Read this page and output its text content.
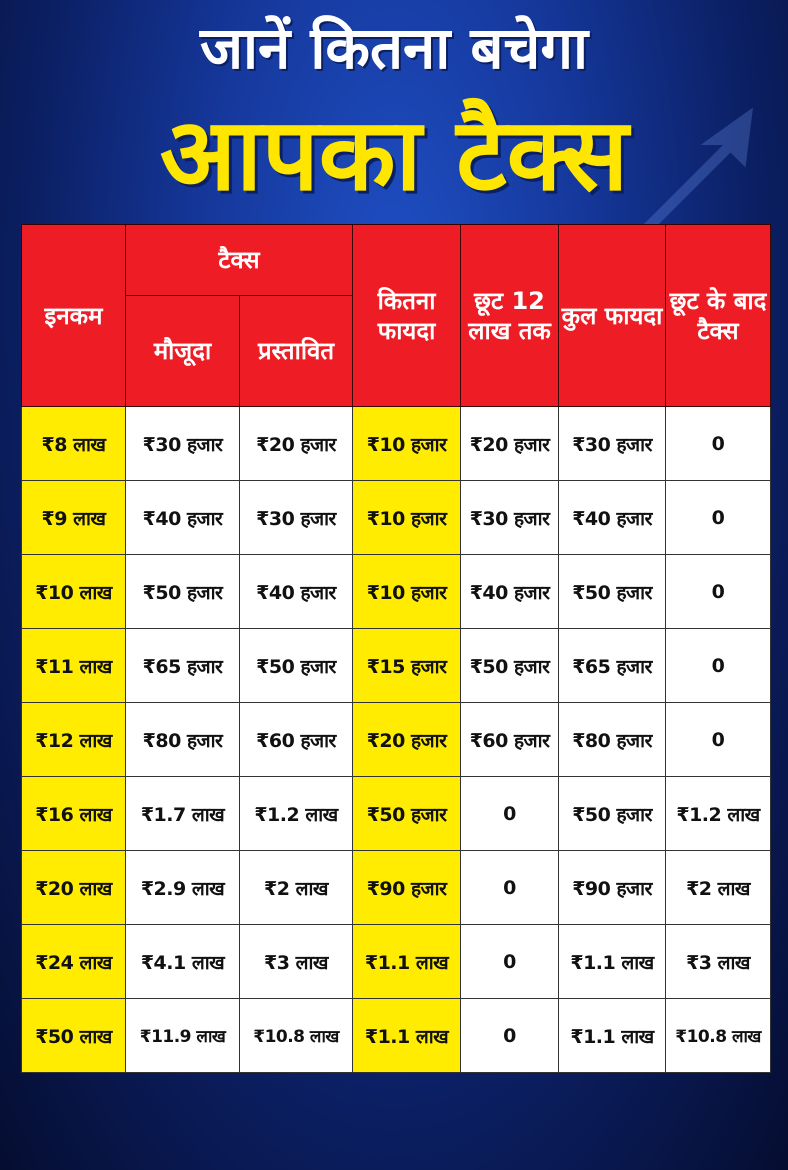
जानें कितना बचेगा
आपका टैक्स
इनकम	टैक्स		कितना फायदा	छूट 12 लाख तक	कुल फायदा	छूट के बाद टैक्स
	मौजूदा	प्रस्तावित				
₹8 लाख	₹30 हजार	₹20 हजार	₹10 हजार	₹20 हजार	₹30 हजार	0
₹9 लाख	₹40 हजार	₹30 हजार	₹10 हजार	₹30 हजार	₹40 हजार	0
₹10 लाख	₹50 हजार	₹40 हजार	₹10 हजार	₹40 हजार	₹50 हजार	0
₹11 लाख	₹65 हजार	₹50 हजार	₹15 हजार	₹50 हजार	₹65 हजार	0
₹12 लाख	₹80 हजार	₹60 हजार	₹20 हजार	₹60 हजार	₹80 हजार	0
₹16 लाख	₹1.7 लाख	₹1.2 लाख	₹50 हजार	0	₹50 हजार	₹1.2 लाख
₹20 लाख	₹2.9 लाख	₹2 लाख	₹90 हजार	0	₹90 हजार	₹2 लाख
₹24 लाख	₹4.1 लाख	₹3 लाख	₹1.1 लाख	0	₹1.1 लाख	₹3 लाख
₹50 लाख	₹11.9 लाख	₹10.8 लाख	₹1.1 लाख	0	₹1.1 लाख	₹10.8 लाख
